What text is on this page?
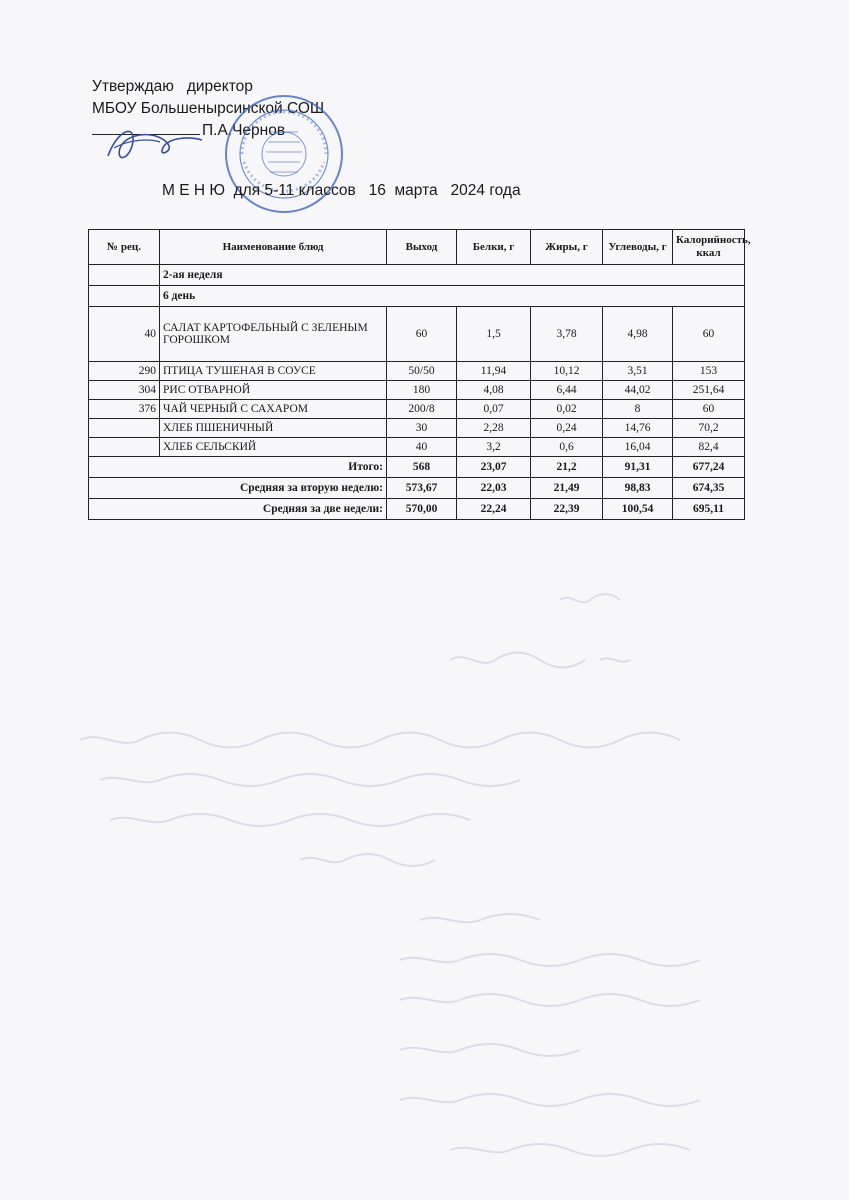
Утверждаю   директор
МБОУ Большеныpсинской СОШ
П.А.Чернов
М Е Н Ю  для 5-11 классов   16  марта   2024 года
№ рец.	Наименование блюд	Выход	Белки, г	Жиры, г	Углеводы, г	Калорийность, ккал
	2-ая неделя					
	6 день					
40	САЛАТ КАРТОФЕЛЬНЫЙ С ЗЕЛЕНЫМ ГОРОШКОМ	60	1,5	3,78	4,98	60
290	ПТИЦА ТУШЕНАЯ В СОУСЕ	50/50	11,94	10,12	3,51	153
304	РИС ОТВАРНОЙ	180	4,08	6,44	44,02	251,64
376	ЧАЙ ЧЕРНЫЙ С САХАРОМ	200/8	0,07	0,02	8	60
	ХЛЕБ ПШЕНИЧНЫЙ	30	2,28	0,24	14,76	70,2
	ХЛЕБ СЕЛЬСКИЙ	40	3,2	0,6	16,04	82,4
Итого:		568	23,07	21,2	91,31	677,24
Средняя за вторую неделю:		573,67	22,03	21,49	98,83	674,35
Средняя за две недели:		570,00	22,24	22,39	100,54	695,11
